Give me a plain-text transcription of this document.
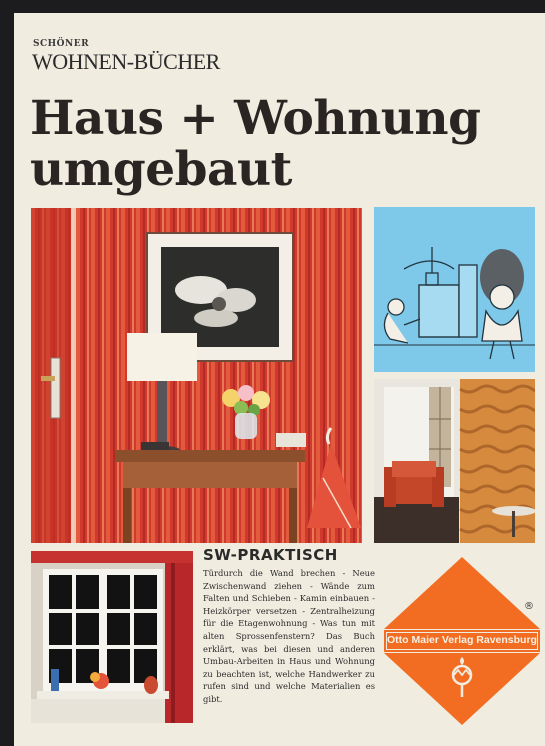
SCHÖNER
WOHNEN-BÜCHER
Haus + Wohnung
umgebaut
SW-PRAKTISCH
Türdurch die Wand brechen - Neue Zwischenwand ziehen - Wände zum Falten und Schieben - Kamin einbauen - Heizkörper versetzen - Zentralheizung für die Etagenwohnung - Was tun mit alten Sprossenfenstern? Das Buch erklärt, was bei diesen und anderen Umbau-Arbeiten in Haus und Wohnung zu beachten ist, welche Handwerker zu rufen sind und welche Materialien es gibt.
Otto Maier Verlag Ravensburg
®
